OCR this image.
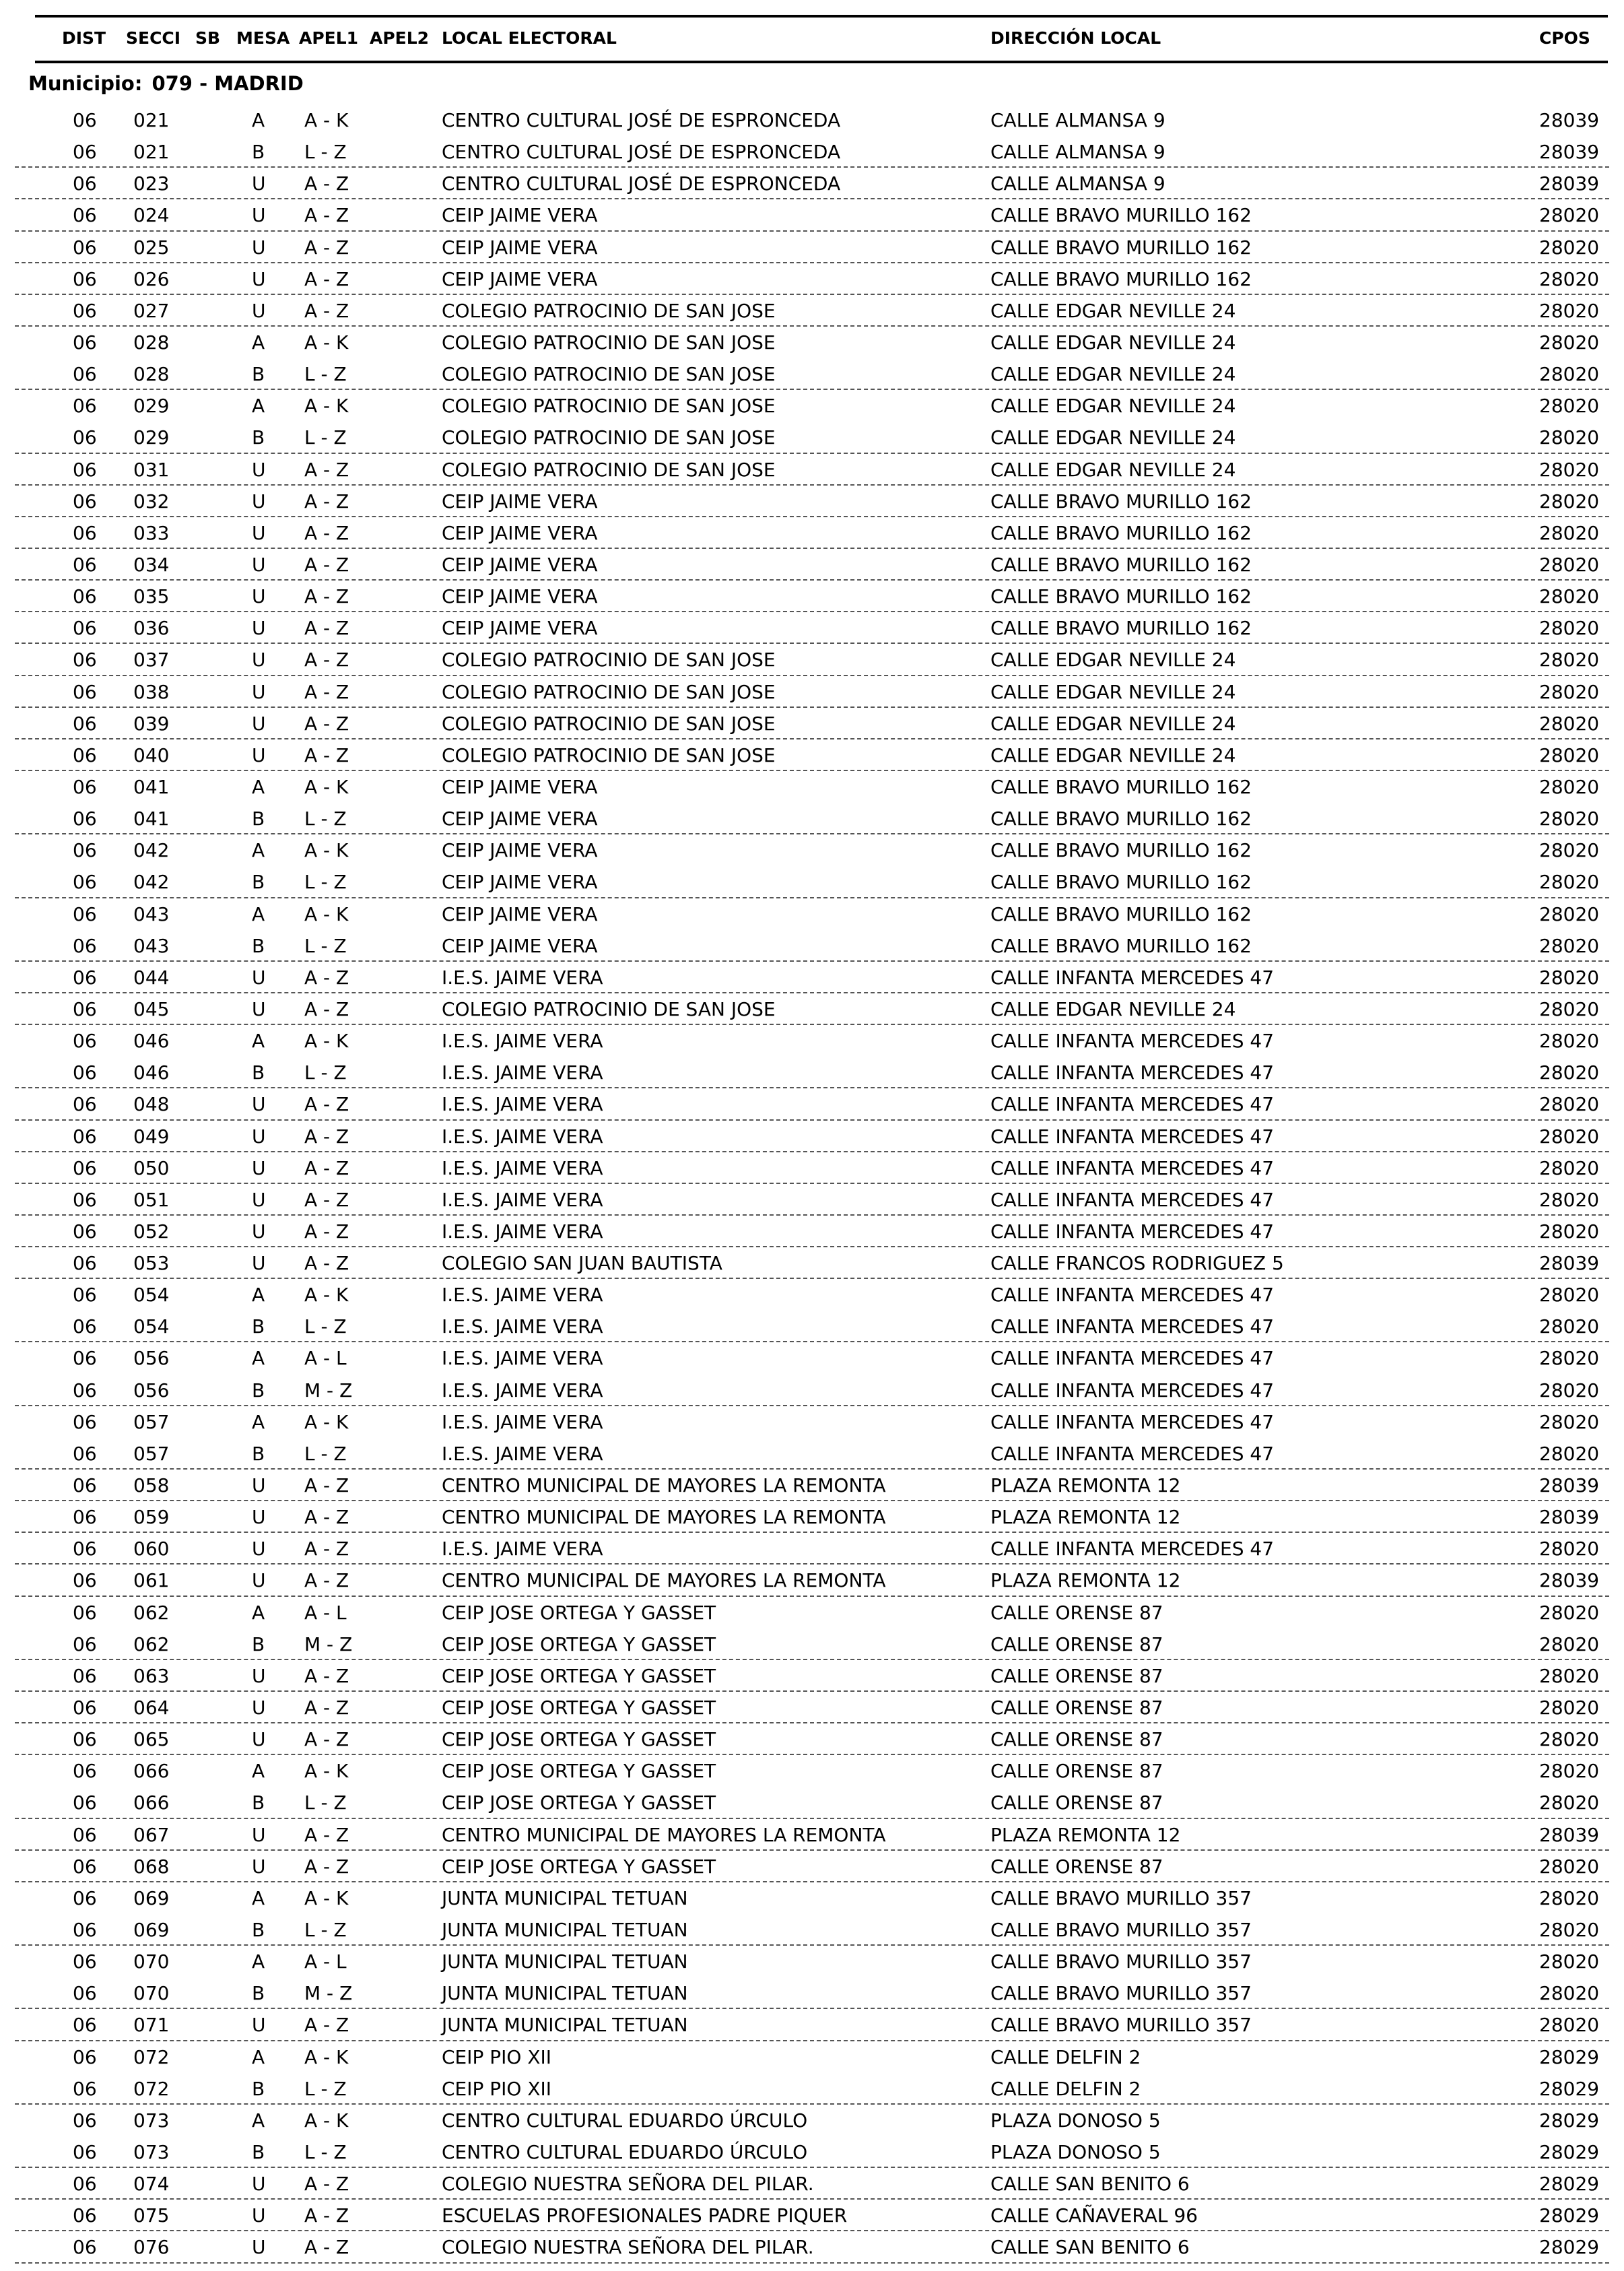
DIST SECCI SB MESA APEL1 APEL2 LOCAL ELECTORAL	DIRECCIÓN LOCAL	CPOS
Municipio: 079 - MADRID
06 021	A A - K	CENTRO CULTURAL JOSÉ DE ESPRONCEDA	CALLE ALMANSA 9	28039
06 021	B L - Z	CENTRO CULTURAL JOSÉ DE ESPRONCEDA	CALLE ALMANSA 9	28039
06 023	U A - Z	CENTRO CULTURAL JOSÉ DE ESPRONCEDA	CALLE ALMANSA 9	28039
06 024	U A - Z	CEIP JAIME VERA	CALLE BRAVO MURILLO 162	28020
06 025	U A - Z	CEIP JAIME VERA	CALLE BRAVO MURILLO 162	28020
06 026	U A - Z	CEIP JAIME VERA	CALLE BRAVO MURILLO 162	28020
06 027	U A - Z	COLEGIO PATROCINIO DE SAN JOSE	CALLE EDGAR NEVILLE 24	28020
06 028	A A - K	COLEGIO PATROCINIO DE SAN JOSE	CALLE EDGAR NEVILLE 24	28020
06 028	B L - Z	COLEGIO PATROCINIO DE SAN JOSE	CALLE EDGAR NEVILLE 24	28020
06 029	A A - K	COLEGIO PATROCINIO DE SAN JOSE	CALLE EDGAR NEVILLE 24	28020
06 029	B L - Z	COLEGIO PATROCINIO DE SAN JOSE	CALLE EDGAR NEVILLE 24	28020
06 031	U A - Z	COLEGIO PATROCINIO DE SAN JOSE	CALLE EDGAR NEVILLE 24	28020
06 032	U A - Z	CEIP JAIME VERA	CALLE BRAVO MURILLO 162	28020
06 033	U A - Z	CEIP JAIME VERA	CALLE BRAVO MURILLO 162	28020
06 034	U A - Z	CEIP JAIME VERA	CALLE BRAVO MURILLO 162	28020
06 035	U A - Z	CEIP JAIME VERA	CALLE BRAVO MURILLO 162	28020
06 036	U A - Z	CEIP JAIME VERA	CALLE BRAVO MURILLO 162	28020
06 037	U A - Z	COLEGIO PATROCINIO DE SAN JOSE	CALLE EDGAR NEVILLE 24	28020
06 038	U A - Z	COLEGIO PATROCINIO DE SAN JOSE	CALLE EDGAR NEVILLE 24	28020
06 039	U A - Z	COLEGIO PATROCINIO DE SAN JOSE	CALLE EDGAR NEVILLE 24	28020
06 040	U A - Z	COLEGIO PATROCINIO DE SAN JOSE	CALLE EDGAR NEVILLE 24	28020
06 041	A A - K	CEIP JAIME VERA	CALLE BRAVO MURILLO 162	28020
06 041	B L - Z	CEIP JAIME VERA	CALLE BRAVO MURILLO 162	28020
06 042	A A - K	CEIP JAIME VERA	CALLE BRAVO MURILLO 162	28020
06 042	B L - Z	CEIP JAIME VERA	CALLE BRAVO MURILLO 162	28020
06 043	A A - K	CEIP JAIME VERA	CALLE BRAVO MURILLO 162	28020
06 043	B L - Z	CEIP JAIME VERA	CALLE BRAVO MURILLO 162	28020
06 044	U A - Z	I.E.S. JAIME VERA	CALLE INFANTA MERCEDES 47	28020
06 045	U A - Z	COLEGIO PATROCINIO DE SAN JOSE	CALLE EDGAR NEVILLE 24	28020
06 046	A A - K	I.E.S. JAIME VERA	CALLE INFANTA MERCEDES 47	28020
06 046	B L - Z	I.E.S. JAIME VERA	CALLE INFANTA MERCEDES 47	28020
06 048	U A - Z	I.E.S. JAIME VERA	CALLE INFANTA MERCEDES 47	28020
06 049	U A - Z	I.E.S. JAIME VERA	CALLE INFANTA MERCEDES 47	28020
06 050	U A - Z	I.E.S. JAIME VERA	CALLE INFANTA MERCEDES 47	28020
06 051	U A - Z	I.E.S. JAIME VERA	CALLE INFANTA MERCEDES 47	28020
06 052	U A - Z	I.E.S. JAIME VERA	CALLE INFANTA MERCEDES 47	28020
06 053	U A - Z	COLEGIO SAN JUAN BAUTISTA	CALLE FRANCOS RODRIGUEZ 5	28039
06 054	A A - K	I.E.S. JAIME VERA	CALLE INFANTA MERCEDES 47	28020
06 054	B L - Z	I.E.S. JAIME VERA	CALLE INFANTA MERCEDES 47	28020
06 056	A A - L	I.E.S. JAIME VERA	CALLE INFANTA MERCEDES 47	28020
06 056	B M - Z	I.E.S. JAIME VERA	CALLE INFANTA MERCEDES 47	28020
06 057	A A - K	I.E.S. JAIME VERA	CALLE INFANTA MERCEDES 47	28020
06 057	B L - Z	I.E.S. JAIME VERA	CALLE INFANTA MERCEDES 47	28020
06 058	U A - Z	CENTRO MUNICIPAL DE MAYORES LA REMONTA	PLAZA REMONTA 12	28039
06 059	U A - Z	CENTRO MUNICIPAL DE MAYORES LA REMONTA	PLAZA REMONTA 12	28039
06 060	U A - Z	I.E.S. JAIME VERA	CALLE INFANTA MERCEDES 47	28020
06 061	U A - Z	CENTRO MUNICIPAL DE MAYORES LA REMONTA	PLAZA REMONTA 12	28039
06 062	A A - L	CEIP JOSE ORTEGA Y GASSET	CALLE ORENSE 87	28020
06 062	B M - Z	CEIP JOSE ORTEGA Y GASSET	CALLE ORENSE 87	28020
06 063	U A - Z	CEIP JOSE ORTEGA Y GASSET	CALLE ORENSE 87	28020
06 064	U A - Z	CEIP JOSE ORTEGA Y GASSET	CALLE ORENSE 87	28020
06 065	U A - Z	CEIP JOSE ORTEGA Y GASSET	CALLE ORENSE 87	28020
06 066	A A - K	CEIP JOSE ORTEGA Y GASSET	CALLE ORENSE 87	28020
06 066	B L - Z	CEIP JOSE ORTEGA Y GASSET	CALLE ORENSE 87	28020
06 067	U A - Z	CENTRO MUNICIPAL DE MAYORES LA REMONTA	PLAZA REMONTA 12	28039
06 068	U A - Z	CEIP JOSE ORTEGA Y GASSET	CALLE ORENSE 87	28020
06 069	A A - K	JUNTA MUNICIPAL TETUAN	CALLE BRAVO MURILLO 357	28020
06 069	B L - Z	JUNTA MUNICIPAL TETUAN	CALLE BRAVO MURILLO 357	28020
06 070	A A - L	JUNTA MUNICIPAL TETUAN	CALLE BRAVO MURILLO 357	28020
06 070	B M - Z	JUNTA MUNICIPAL TETUAN	CALLE BRAVO MURILLO 357	28020
06 071	U A - Z	JUNTA MUNICIPAL TETUAN	CALLE BRAVO MURILLO 357	28020
06 072	A A - K	CEIP PIO XII	CALLE DELFIN 2	28029
06 072	B L - Z	CEIP PIO XII	CALLE DELFIN 2	28029
06 073	A A - K	CENTRO CULTURAL EDUARDO ÚRCULO	PLAZA DONOSO 5	28029
06 073	B L - Z	CENTRO CULTURAL EDUARDO ÚRCULO	PLAZA DONOSO 5	28029
06 074	U A - Z	COLEGIO NUESTRA SEÑORA DEL PILAR.	CALLE SAN BENITO 6	28029
06 075	U A - Z	ESCUELAS PROFESIONALES PADRE PIQUER	CALLE CAÑAVERAL 96	28029
06 076	U A - Z	COLEGIO NUESTRA SEÑORA DEL PILAR.	CALLE SAN BENITO 6	28029
